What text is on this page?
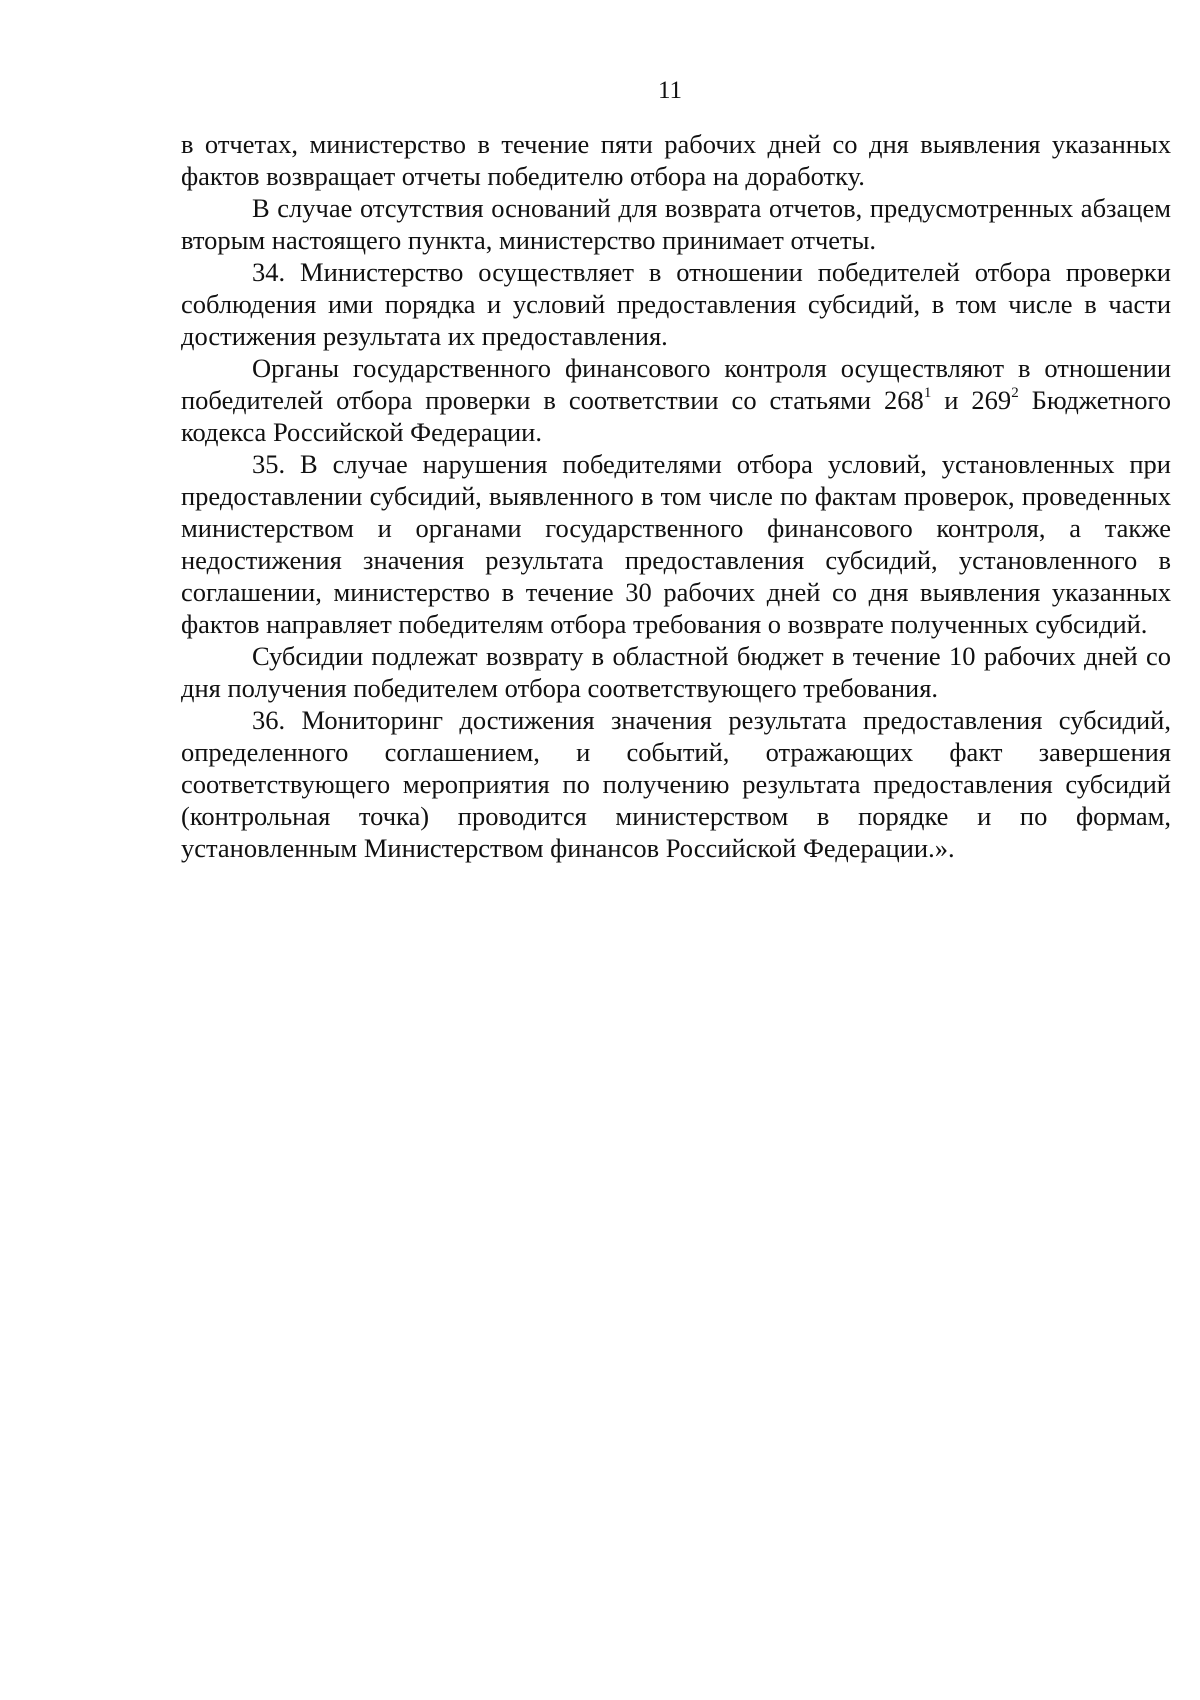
11

в отчетах, министерство в течение пяти рабочих дней со дня выявления указанных фактов возвращает отчеты победителю отбора на доработку.

В случае отсутствия оснований для возврата отчетов, предусмотренных абзацем вторым настоящего пункта, министерство принимает отчеты.

34. Министерство осуществляет в отношении победителей отбора проверки соблюдения ими порядка и условий предоставления субсидий, в том числе в части достижения результата их предоставления.

Органы государственного финансового контроля осуществляют в отношении победителей отбора проверки в соответствии со статьями $268^1$ и $269^2$ Бюджетного кодекса Российской Федерации.

35. В случае нарушения победителями отбора условий, установленных при предоставлении субсидий, выявленного в том числе по фактам проверок, проведенных министерством и органами государственного финансового контроля, а также недостижения значения результата предоставления субсидий, установленного в соглашении, министерство в течение 30 рабочих дней со дня выявления указанных фактов направляет победителям отбора требования о возврате полученных субсидий.

Субсидии подлежат возврату в областной бюджет в течение 10 рабочих дней со дня получения победителем отбора соответствующего требования.

36. Мониторинг достижения значения результата предоставления субсидий, определенного соглашением, и событий, отражающих факт завершения соответствующего мероприятия по получению результата предоставления субсидий (контрольная точка) проводится министерством в порядке и по формам, установленным Министерством финансов Российской Федерации.».
